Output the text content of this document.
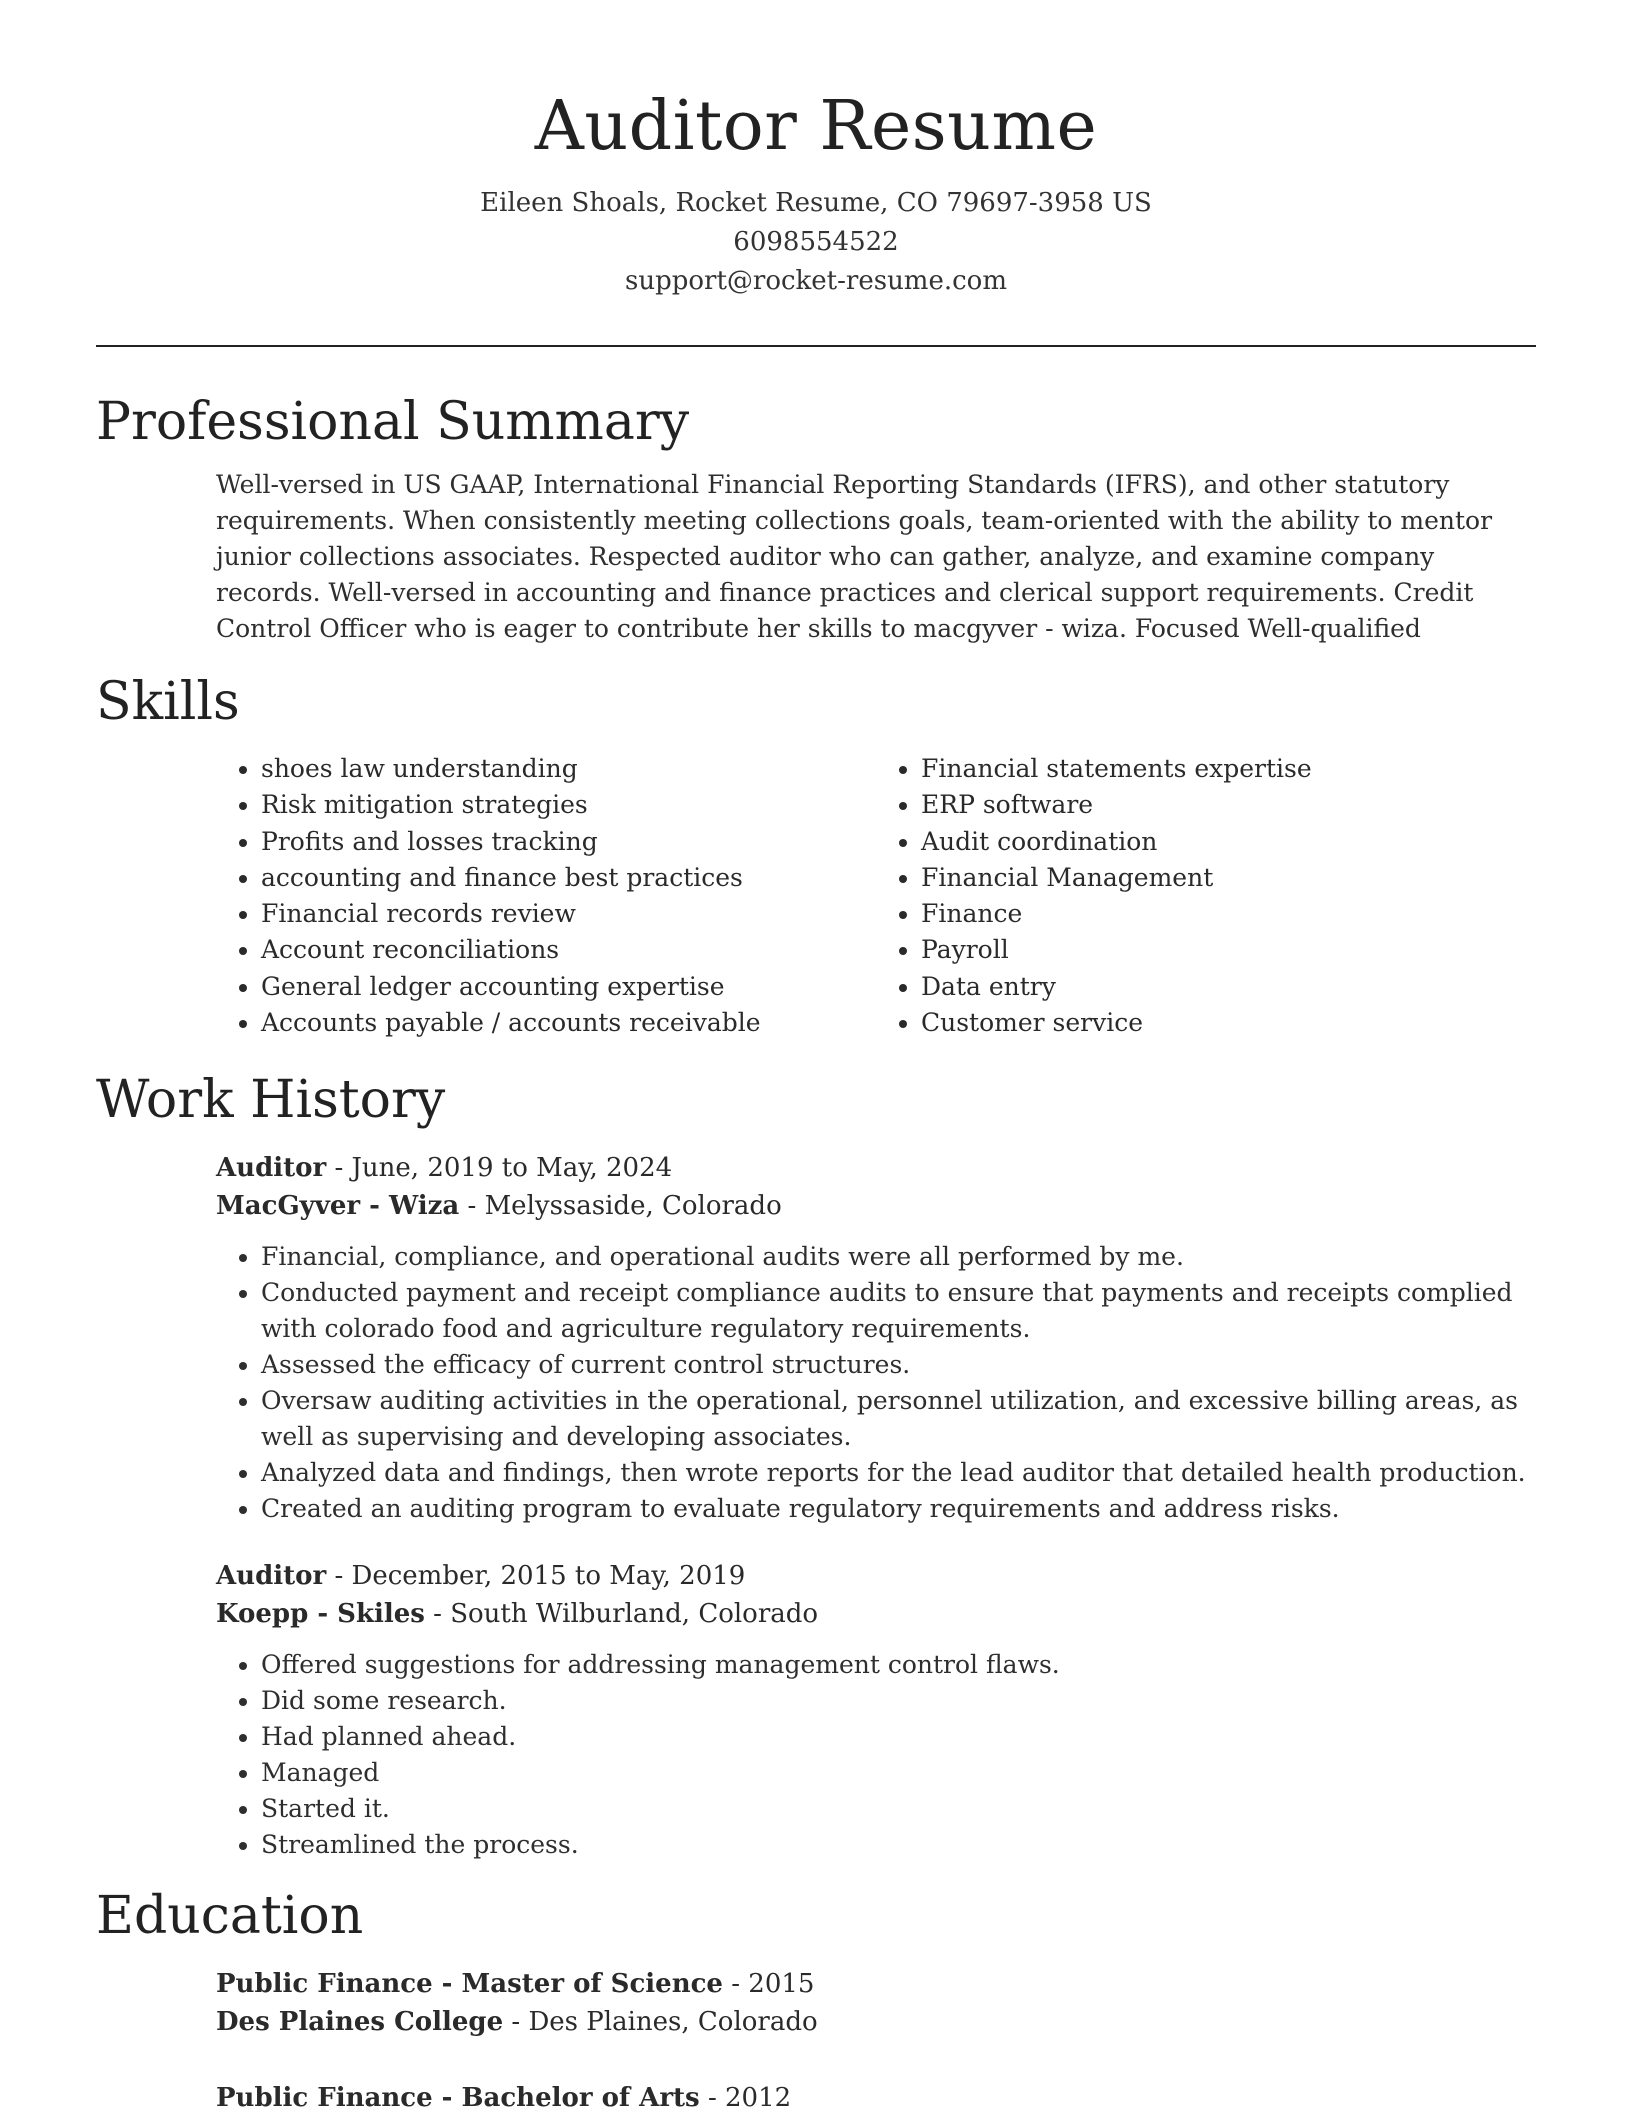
Auditor Resume
Eileen Shoals, Rocket Resume, CO 79697-3958 US
6098554522
support@rocket-resume.com
Professional Summary
Well-versed in US GAAP, International Financial Reporting Standards (IFRS), and other statutory requirements. When consistently meeting collections goals, team-oriented with the ability to mentor junior collections associates. Respected auditor who can gather, analyze, and examine company records. Well-versed in accounting and finance practices and clerical support requirements. Credit Control Officer who is eager to contribute her skills to macgyver - wiza. Focused Well-qualified
Skills
• shoes law understanding
• Risk mitigation strategies
• Profits and losses tracking
• accounting and finance best practices
• Financial records review
• Account reconciliations
• General ledger accounting expertise
• Accounts payable / accounts receivable
• Financial statements expertise
• ERP software
• Audit coordination
• Financial Management
• Finance
• Payroll
• Data entry
• Customer service
Work History
Auditor - June, 2019 to May, 2024
MacGyver - Wiza - Melyssaside, Colorado
• Financial, compliance, and operational audits were all performed by me.
• Conducted payment and receipt compliance audits to ensure that payments and receipts complied with colorado food and agriculture regulatory requirements.
• Assessed the efficacy of current control structures.
• Oversaw auditing activities in the operational, personnel utilization, and excessive billing areas, as well as supervising and developing associates.
• Analyzed data and findings, then wrote reports for the lead auditor that detailed health production.
• Created an auditing program to evaluate regulatory requirements and address risks.
Auditor - December, 2015 to May, 2019
Koepp - Skiles - South Wilburland, Colorado
• Offered suggestions for addressing management control flaws.
• Did some research.
• Had planned ahead.
• Managed
• Started it.
• Streamlined the process.
Education
Public Finance - Master of Science - 2015
Des Plaines College - Des Plaines, Colorado
Public Finance - Bachelor of Arts - 2012
